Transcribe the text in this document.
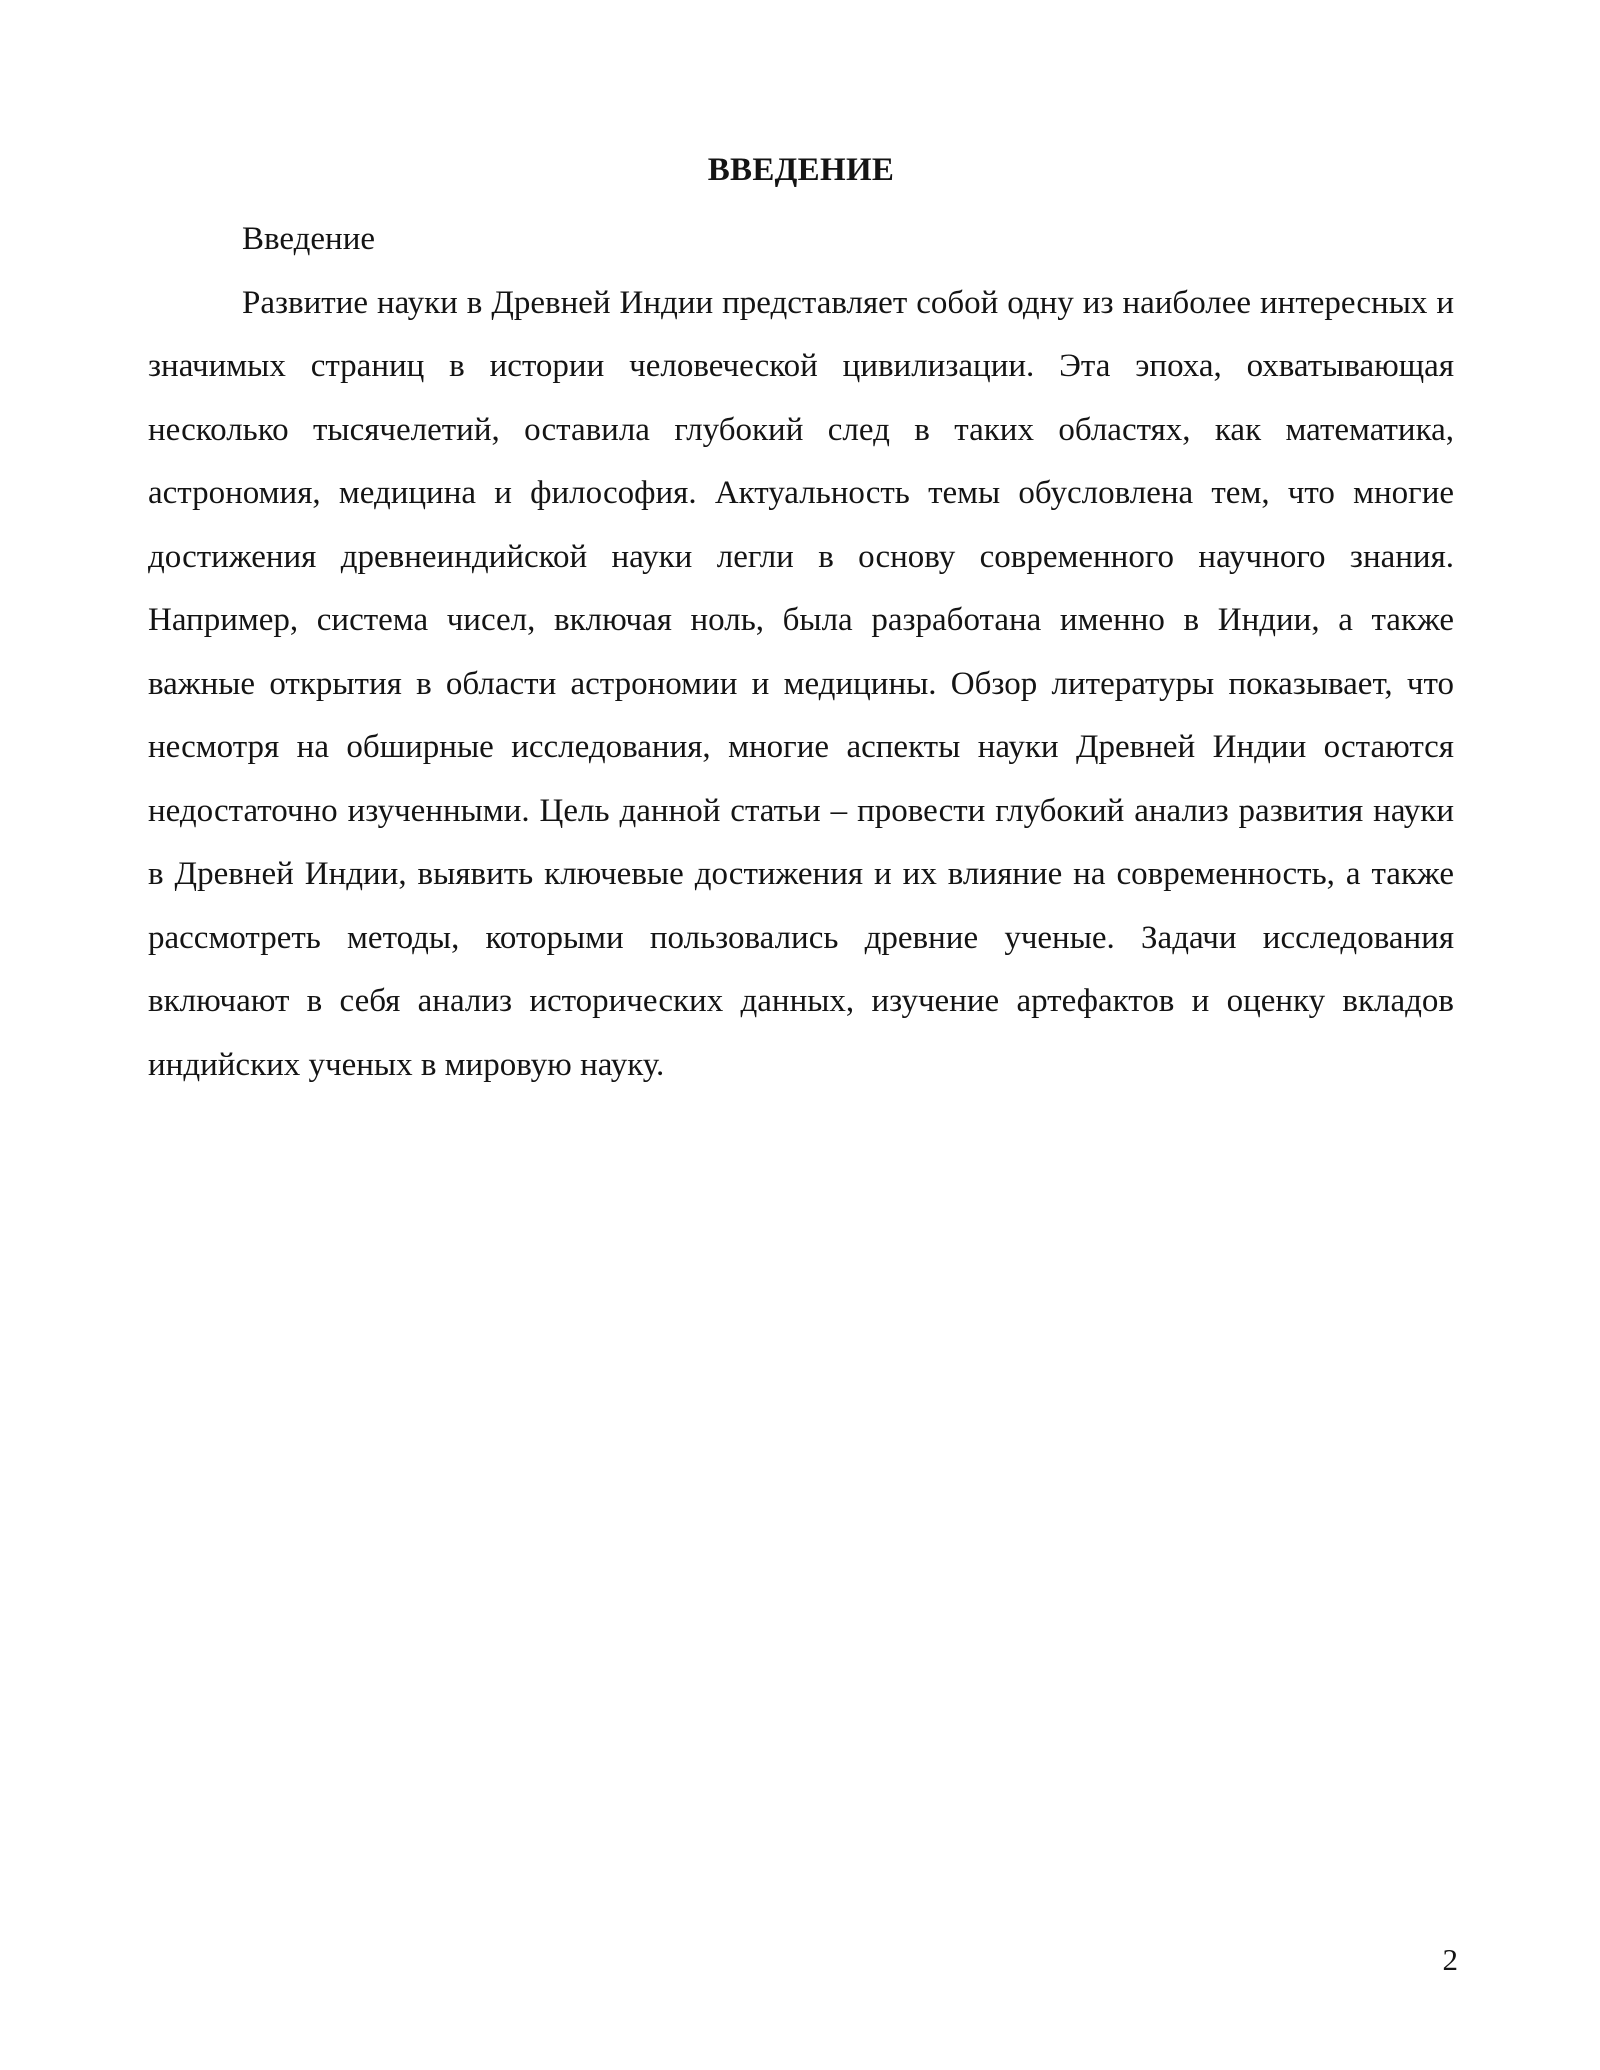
ВВЕДЕНИЕ

Введение

Развитие науки в Древней Индии представляет собой одну из наиболее интересных и значимых страниц в истории человеческой цивилизации. Эта эпоха, охватывающая несколько тысячелетий, оставила глубокий след в таких областях, как математика, астрономия, медицина и философия. Актуальность темы обусловлена тем, что многие достижения древнеиндийской науки легли в основу современного научного знания. Например, система чисел, включая ноль, была разработана именно в Индии, а также важные открытия в области астрономии и медицины. Обзор литературы показывает, что несмотря на обширные исследования, многие аспекты науки Древней Индии остаются недостаточно изученными. Цель данной статьи – провести глубокий анализ развития науки в Древней Индии, выявить ключевые достижения и их влияние на современность, а также рассмотреть методы, которыми пользовались древние ученые. Задачи исследования включают в себя анализ исторических данных, изучение артефактов и оценку вкладов индийских ученых в мировую науку.

2
